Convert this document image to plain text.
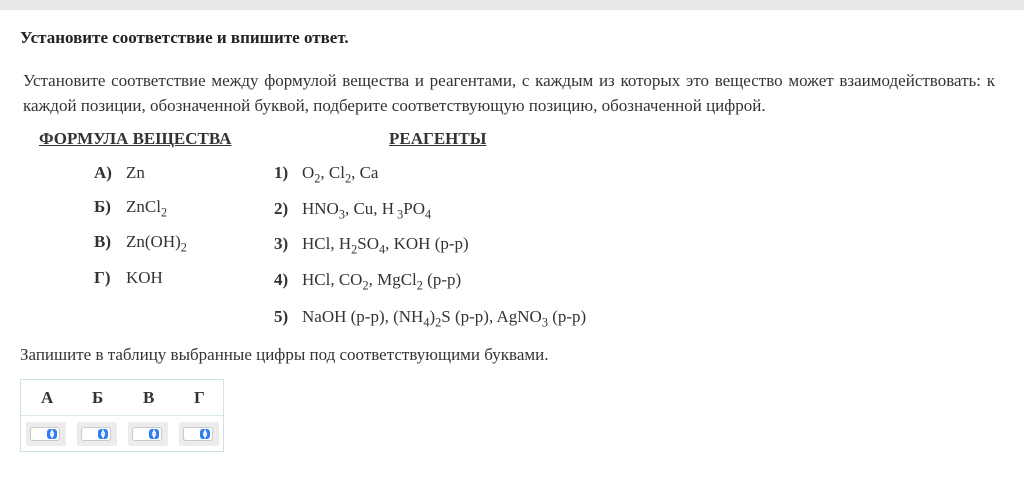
Установите соответствие и впишите ответ.
Установите соответствие между формулой вещества и реагентами, с каждым из которых это вещество может взаимодействовать: к каждой позиции, обозначенной буквой, подберите соответствующую позицию, обозначенной цифрой.
ФОРМУЛА ВЕЩЕСТВА	РЕАГЕНТЫ
А) Zn
Б) ZnCl$_2$
В) $Zn(OH)_2$
Г) KOH
1) $O_2$, $Cl_2$, Ca
2) $HNO_3$, Cu, H $_3PO_4$
3) HCl, $H_2SO_4$, KOH (р-р)
4) HCl, $CO_2$, MgCl$_2$ (р-р)
5) NaOH (р-р), $(NH_4)_2S$ (р-р), AgNO$_3$ (р-р)
Запишите в таблицу выбранные цифры под соответствующими буквами.
А Б В Г
▲
▼
▲
▼
▲
▼
▲
▼
